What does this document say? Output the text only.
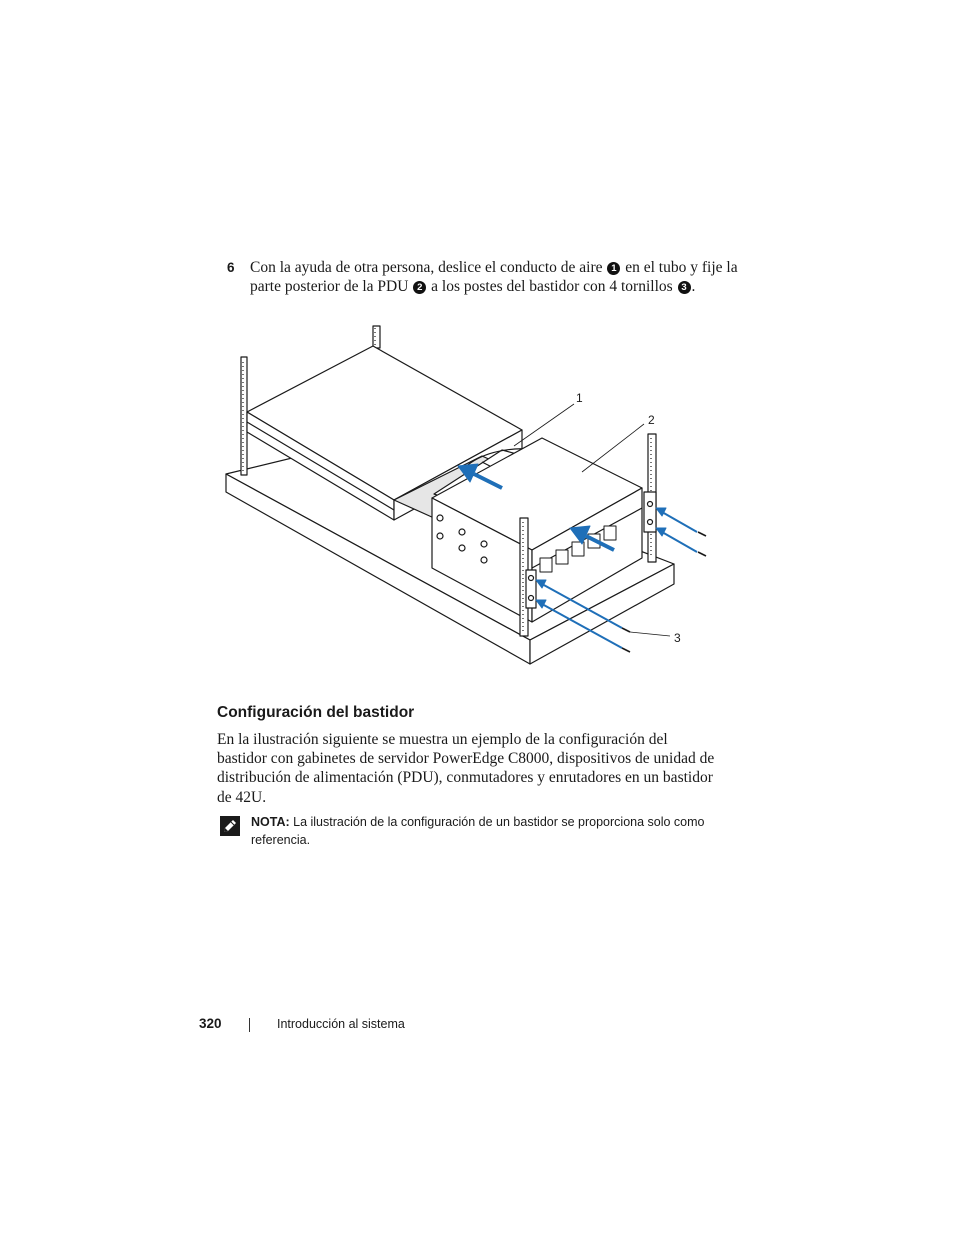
6 Con la ayuda de otra persona, deslice el conducto de aire 1 en el tubo y fije la parte posterior de la PDU 2 a los postes del bastidor con 4 tornillos 3 .
1
2
3
Configuración del bastidor
En la ilustración siguiente se muestra un ejemplo de la configuración del bastidor con gabinetes de servidor PowerEdge C8000, dispositivos de unidad de distribución de alimentación (PDU), conmutadores y enrutadores en un bastidor de 42U.
NOTA: La ilustración de la configuración de un bastidor se proporciona solo como referencia.
320	Introducción al sistema
